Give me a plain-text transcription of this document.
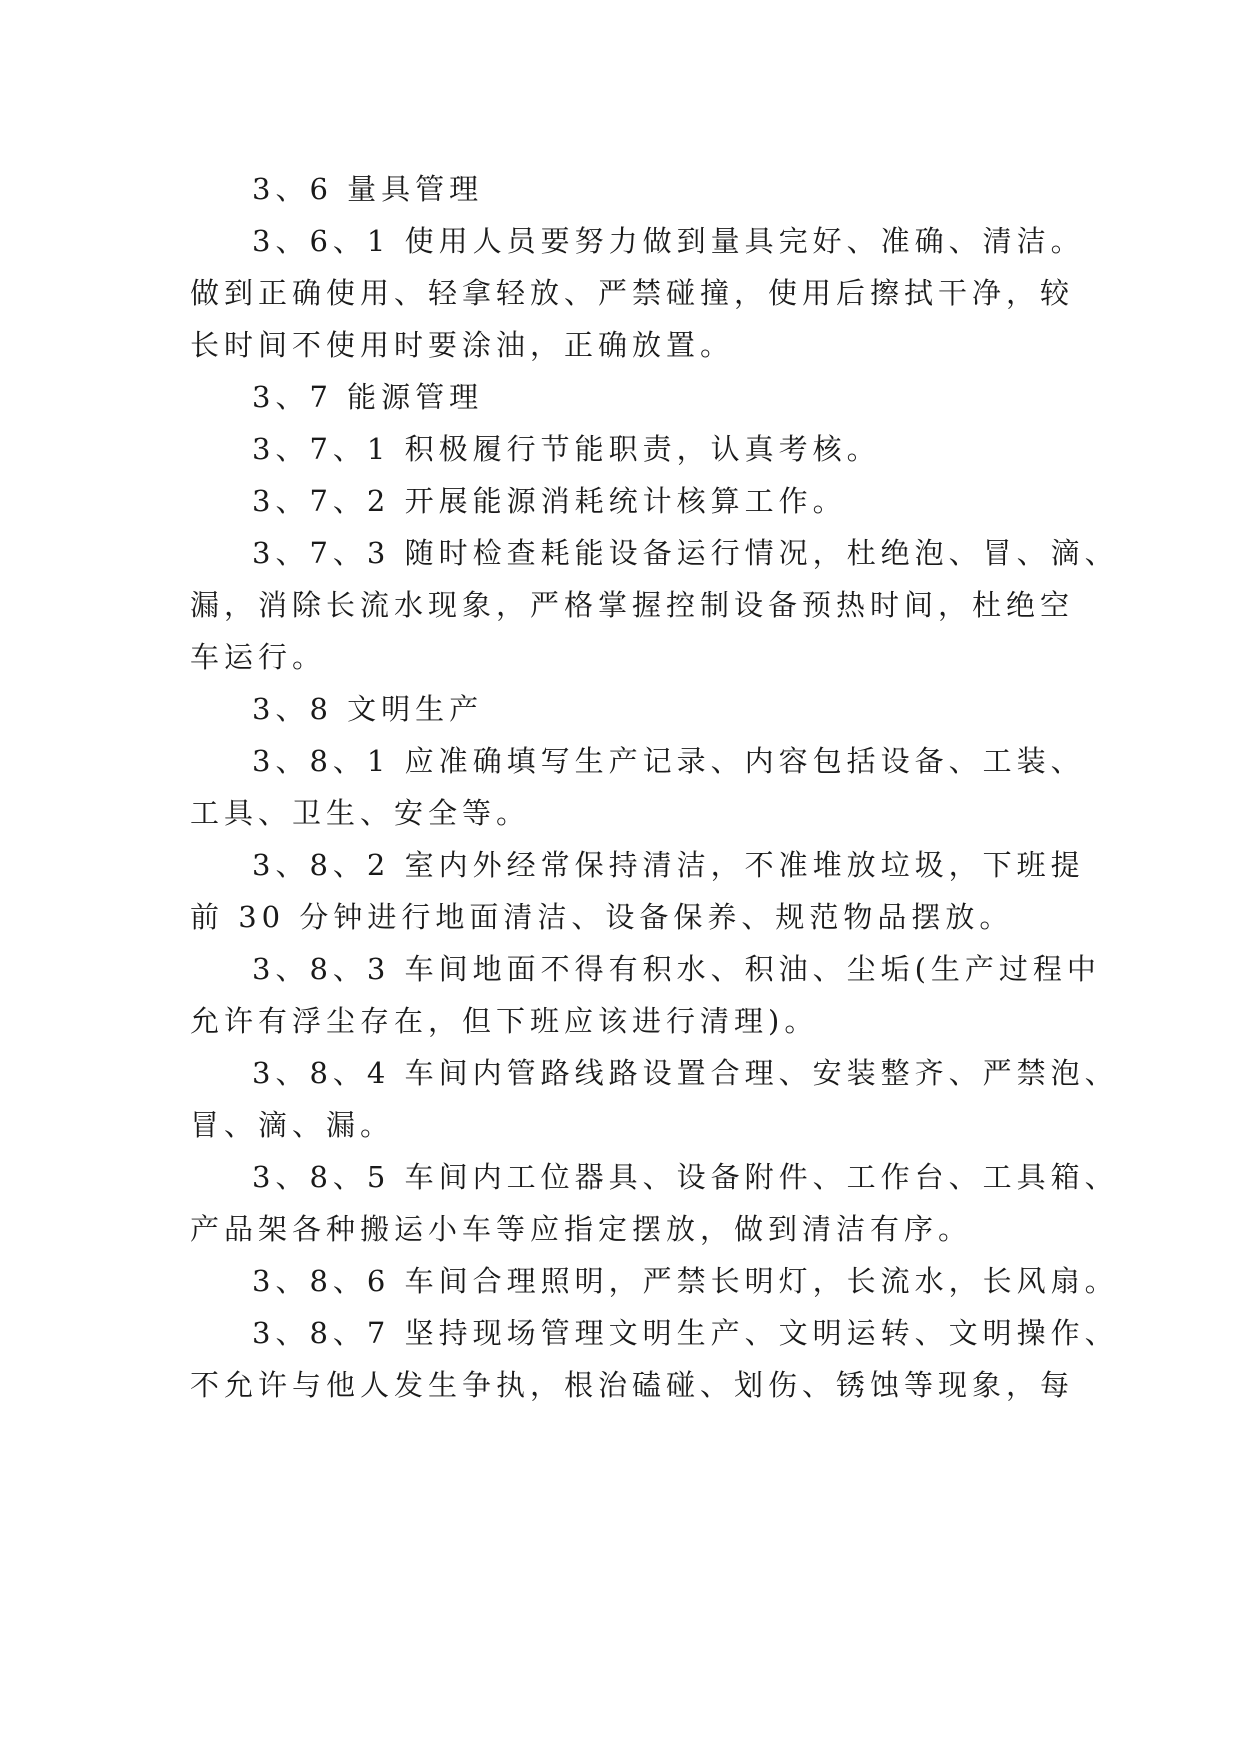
3、6 量具管理
3、6、1 使用人员要努力做到量具完好、准确、清洁。
做到正确使用、轻拿轻放、严禁碰撞，使用后擦拭干净，较
长时间不使用时要涂油，正确放置。
3、7 能源管理
3、7、1 积极履行节能职责，认真考核。
3、7、2 开展能源消耗统计核算工作。
3、7、3 随时检查耗能设备运行情况，杜绝泡、冒、滴、
漏，消除长流水现象，严格掌握控制设备预热时间，杜绝空
车运行。
3、8 文明生产
3、8、1 应准确填写生产记录、内容包括设备、工装、
工具、卫生、安全等。
3、8、2 室内外经常保持清洁，不准堆放垃圾，下班提
前 30 分钟进行地面清洁、设备保养、规范物品摆放。
3、8、3 车间地面不得有积水、积油、尘垢(生产过程中
允许有浮尘存在，但下班应该进行清理)。
3、8、4 车间内管路线路设置合理、安装整齐、严禁泡、
冒、滴、漏。
3、8、5 车间内工位器具、设备附件、工作台、工具箱、
产品架各种搬运小车等应指定摆放，做到清洁有序。
3、8、6 车间合理照明，严禁长明灯，长流水，长风扇。
3、8、7 坚持现场管理文明生产、文明运转、文明操作、
不允许与他人发生争执，根治磕碰、划伤、锈蚀等现象，每
